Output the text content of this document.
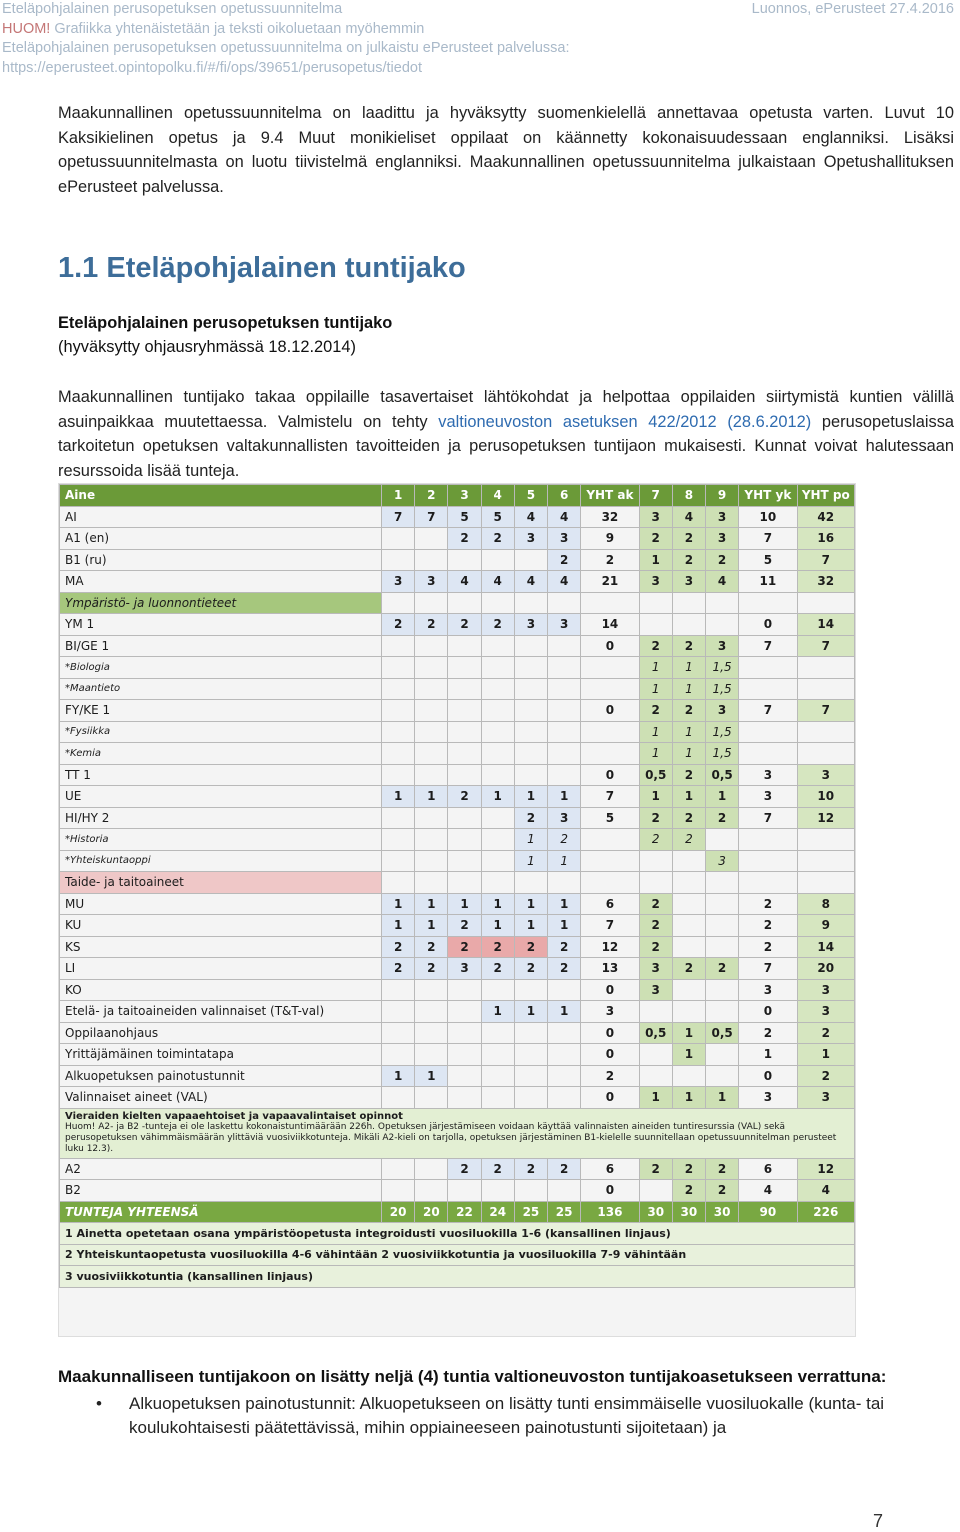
Eteläpohjalainen perusopetuksen opetussuunnitelma	Luonnos, ePerusteet 27.4.2016
HUOM! Grafiikka yhtenäistetään ja teksti oikoluetaan myöhemmin
Eteläpohjalainen perusopetuksen opetussuunnitelma on julkaistu ePerusteet palvelussa:
https://eperusteet.opintopolku.fi/#/fi/ops/39651/perusopetus/tiedot
Maakunnallinen opetussuunnitelma on laadittu ja hyväksytty suomenkielellä annettavaa opetusta varten. Luvut 10 Kaksikielinen opetus ja 9.4 Muut monikieliset oppilaat on käännetty kokonaisuudessaan englanniksi. Lisäksi opetussuunnitelmasta on luotu tiivistelmä englanniksi. Maakunnallinen opetussuunnitelma julkaistaan Opetushallituksen ePerusteet palvelussa.
1.1 Eteläpohjalainen tuntijako
Eteläpohjalainen perusopetuksen tuntijako
(hyväksytty ohjausryhmässä 18.12.2014)
Maakunnallinen tuntijako takaa oppilaille tasavertaiset lähtökohdat ja helpottaa oppilaiden siirtymistä kuntien välillä asuinpaikkaa muutettaessa. Valmistelu on tehty valtioneuvoston asetuksen 422/2012 (28.6.2012) perusopetuslaissa tarkoitetun opetuksen valtakunnallisten tavoitteiden ja perusopetuksen tuntijaon mukaisesti. Kunnat voivat halutessaan resurssoida lisää tunteja.
Aine	1	2	3	4	5	6	YHT ak	7	8	9	YHT yk	YHT po
AI	7	7	5	5	4	4	32	3	4	3	10	42
A1 (en)			2	2	3	3	9	2	2	3	7	16
B1 (ru)						2	2	1	2	2	5	7
MA	3	3	4	4	4	4	21	3	3	4	11	32
Ympäristö- ja luonnontieteet												
YM 1	2	2	2	2	3	3	14				0	14
BI/GE 1							0	2	2	3	7	7
*Biologia								1	1	1,5		
*Maantieto								1	1	1,5		
FY/KE 1							0	2	2	3	7	7
*Fysiikka								1	1	1,5		
*Kemia								1	1	1,5		
TT 1							0	0,5	2	0,5	3	3
UE	1	1	2	1	1	1	7	1	1	1	3	10
HI/HY 2					2	3	5	2	2	2	7	12
*Historia					1	2		2	2			
*Yhteiskuntaoppi					1	1				3		
Taide- ja taitoaineet												
MU	1	1	1	1	1	1	6	2			2	8
KU	1	1	2	1	1	1	7	2			2	9
KS	2	2	2	2	2	2	12	2			2	14
LI	2	2	3	2	2	2	13	3	2	2	7	20
KO							0	3			3	3
Etelä- ja taitoaineiden valinnaiset (T&T-val)				1	1	1	3				0	3
Oppilaanohjaus							0	0,5	1	0,5	2	2
Yrittäjämäinen toimintatapa							0		1		1	1
Alkuopetuksen painotustunnit	1	1					2				0	2
Valinnaiset aineet (VAL)							0	1	1	1	3	3
Vieraiden kielten vapaaehtoiset ja vapaavalintaiset opinnot
Huom! A2- ja B2 -tunteja ei ole laskettu kokonaistuntimäärään 226h. Opetuksen järjestämiseen voidaan käyttää valinnaisten aineiden tuntiresurssia (VAL) sekä perusopetuksen vähimmäismäärän ylittäviä vuosiviikkotunteja. Mikäli A2-kieli on tarjolla, opetuksen järjestäminen B1-kielelle suunnitellaan opetussuunnitelman perusteet luku 12.3).												

A2			2	2	2	2	6	2	2	2	6	12
B2							0		2	2	4	4
TUNTEJA YHTEENSÄ	20	20	22	24	25	25	136	30	30	30	90	226
1 Ainetta opetetaan osana ympäristöopetusta integroidusti vuosiluokilla 1-6 (kansallinen linjaus)												
2 Yhteiskuntaopetusta vuosiluokilla 4-6 vähintään 2 vuosiviikkotuntia ja vuosiluokilla 7-9 vähintään												
3 vuosiviikkotuntia (kansallinen linjaus)												
Maakunnalliseen tuntijakoon on lisätty neljä (4) tuntia valtioneuvoston tuntijakoasetukseen verrattuna:
• Alkuopetuksen painotustunnit: Alkuopetukseen on lisätty tunti ensimmäiselle vuosiluokalle (kunta- tai koulukohtaisesti päätettävissä, mihin oppiaineeseen painotustunti sijoitetaan) ja
7
